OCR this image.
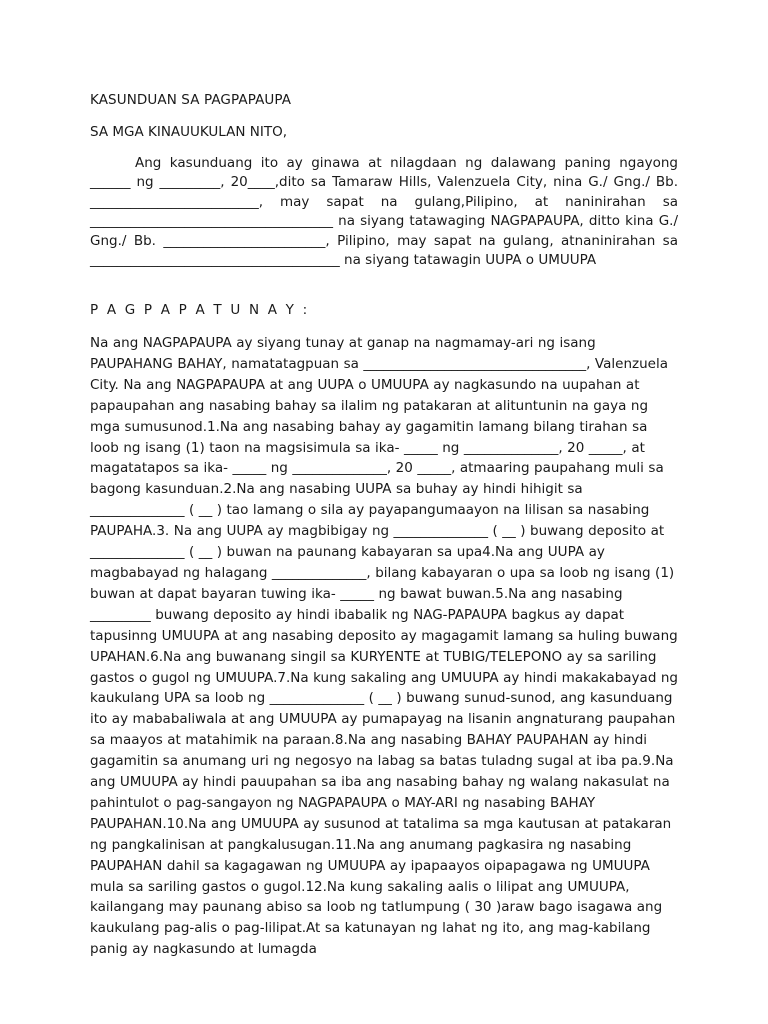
KASUNDUAN SA PAGPAPAUPA

SA MGA KINAUUKULAN NITO,

Ang kasunduang ito ay ginawa at nilagdaan ng dalawang paning ngayong ______ ng _________, 20____,dito sa Tamaraw Hills, Valenzuela City, nina G./ Gng./ Bb. _________________________, may sapat na gulang,Pilipino, at naninirahan sa ____________________________________ na siyang tatawaging NAGPAPAUPA, ditto kina G./ Gng./ Bb. ________________________, Pilipino, may sapat na gulang, atnaninirahan sa _____________________________________ na siyang tatawagin UUPA o UMUUPA

P A G P A P A T U N A Y :

Na ang NAGPAPAUPA ay siyang tunay at ganap na nagmamay-ari ng isang PAUPAHANG BAHAY, namatatagpuan sa _________________________________, Valenzuela City. Na ang NAGPAPAUPA at ang UUPA o UMUUPA ay nagkasundo na uupahan at papaupahan ang nasabing bahay sa ilalim ng patakaran at alituntunin na gaya ng mga sumusunod.1.Na ang nasabing bahay ay gagamitin lamang bilang tirahan sa loob ng isang (1) taon na magsisimula sa ika- _____ ng ______________, 20 _____, at magatatapos sa ika- _____ ng ______________, 20 _____, atmaaring paupahang muli sa bagong kasunduan.2.Na ang nasabing UUPA sa buhay ay hindi hihigit sa ______________ ( __ ) tao lamang o sila ay payapangumaayon na lilisan sa nasabing PAUPAHA.3. Na ang UUPA ay magbibigay ng ______________ ( __ ) buwang deposito at ______________ ( __ ) buwan na paunang kabayaran sa upa4.Na ang UUPA ay magbabayad ng halagang ______________, bilang kabayaran o upa sa loob ng isang (1) buwan at dapat bayaran tuwing ika- _____ ng bawat buwan.5.Na ang nasabing _________ buwang deposito ay hindi ibabalik ng NAG-PAPAUPA bagkus ay dapat tapusinng UMUUPA at ang nasabing deposito ay magagamit lamang sa huling buwang UPAHAN.6.Na ang buwanang singil sa KURYENTE at TUBIG/TELEPONO ay sa sariling gastos o gugol ng UMUUPA.7.Na kung sakaling ang UMUUPA ay hindi makakabayad ng kaukulang UPA sa loob ng ______________ ( __ ) buwang sunud-sunod, ang kasunduang ito ay mababaliwala at ang UMUUPA ay pumapayag na lisanin angnaturang paupahan sa maayos at matahimik na paraan.8.Na ang nasabing BAHAY PAUPAHAN ay hindi gagamitin sa anumang uri ng negosyo na labag sa batas tuladng sugal at iba pa.9.Na ang UMUUPA ay hindi pauupahan sa iba ang nasabing bahay ng walang nakasulat na pahintulot o pag-sangayon ng NAGPAPAUPA o MAY-ARI ng nasabing BAHAY PAUPAHAN.10.Na ang UMUUPA ay susunod at tatalima sa mga kautusan at patakaran ng pangkalinisan at pangkalusugan.11.Na ang anumang pagkasira ng nasabing PAUPAHAN dahil sa kagagawan ng UMUUPA ay ipapaayos oipapagawa ng UMUUPA mula sa sariling gastos o gugol.12.Na kung sakaling aalis o lilipat ang UMUUPA, kailangang may paunang abiso sa loob ng tatlumpung ( 30 )araw bago isagawa ang kaukulang pag-alis o pag-lilipat.At sa katunayan ng lahat ng ito, ang mag-kabilang panig ay nagkasundo at lumagda
